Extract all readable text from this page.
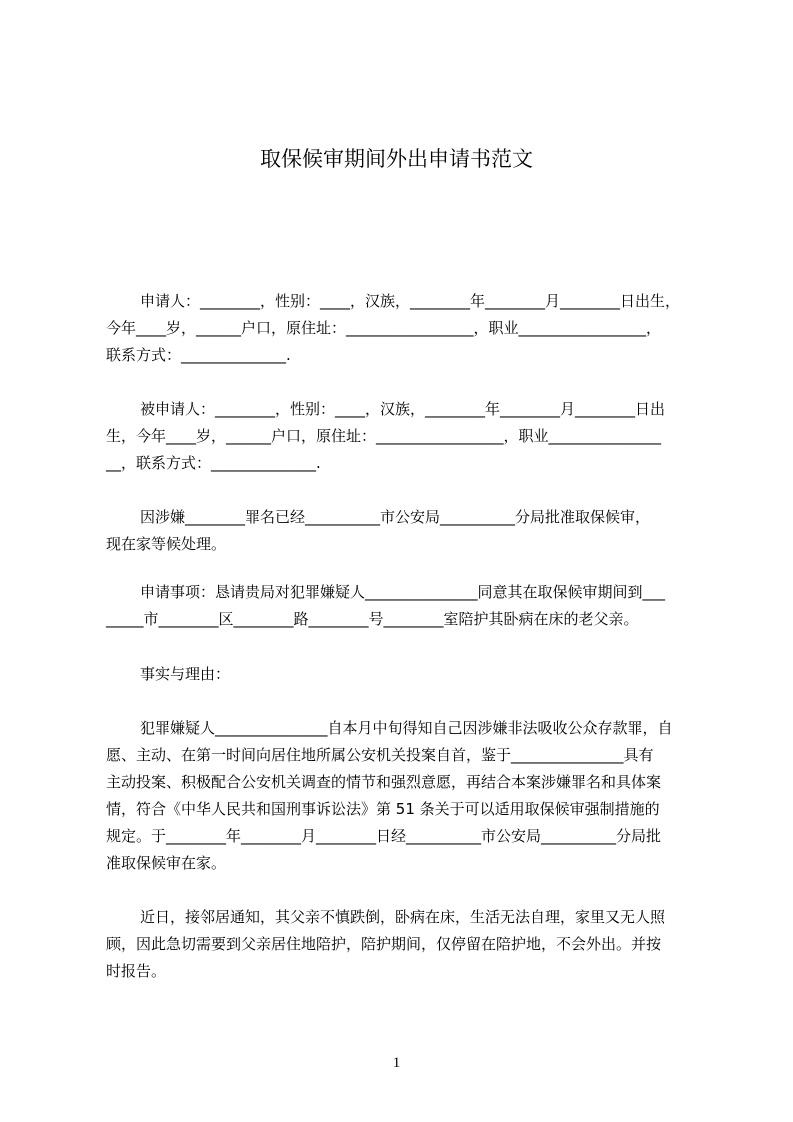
取保候审期间外出申请书范文
申请人：________，性别：____，汉族，________年________月________日出生，
今年____岁，______户口，原住址：_________________，职业_________________，
联系方式：______________.
被申请人：________，性别：____，汉族，________年________月________日出
生，今年____岁，______户口，原住址：_________________，职业_______________
__，联系方式：______________.
因涉嫌________罪名已经__________市公安局__________分局批准取保候审，
现在家等候处理。
申请事项：恳请贵局对犯罪嫌疑人_______________同意其在取保候审期间到___
_____市________区________路________号________室陪护其卧病在床的老父亲。
事实与理由：
犯罪嫌疑人_______________自本月中旬得知自己因涉嫌非法吸收公众存款罪，自
愿、主动、在第一时间向居住地所属公安机关投案自首，鉴于_______________具有
主动投案、积极配合公安机关调查的情节和强烈意愿，再结合本案涉嫌罪名和具体案
情，符合《中华人民共和国刑事诉讼法》第 51 条关于可以适用取保候审强制措施的
规定。于________年________月________日经__________市公安局__________分局批
准取保候审在家。
近日，接邻居通知，其父亲不慎跌倒，卧病在床，生活无法自理，家里又无人照
顾，因此急切需要到父亲居住地陪护，陪护期间，仅停留在陪护地，不会外出。并按
时报告。
1
